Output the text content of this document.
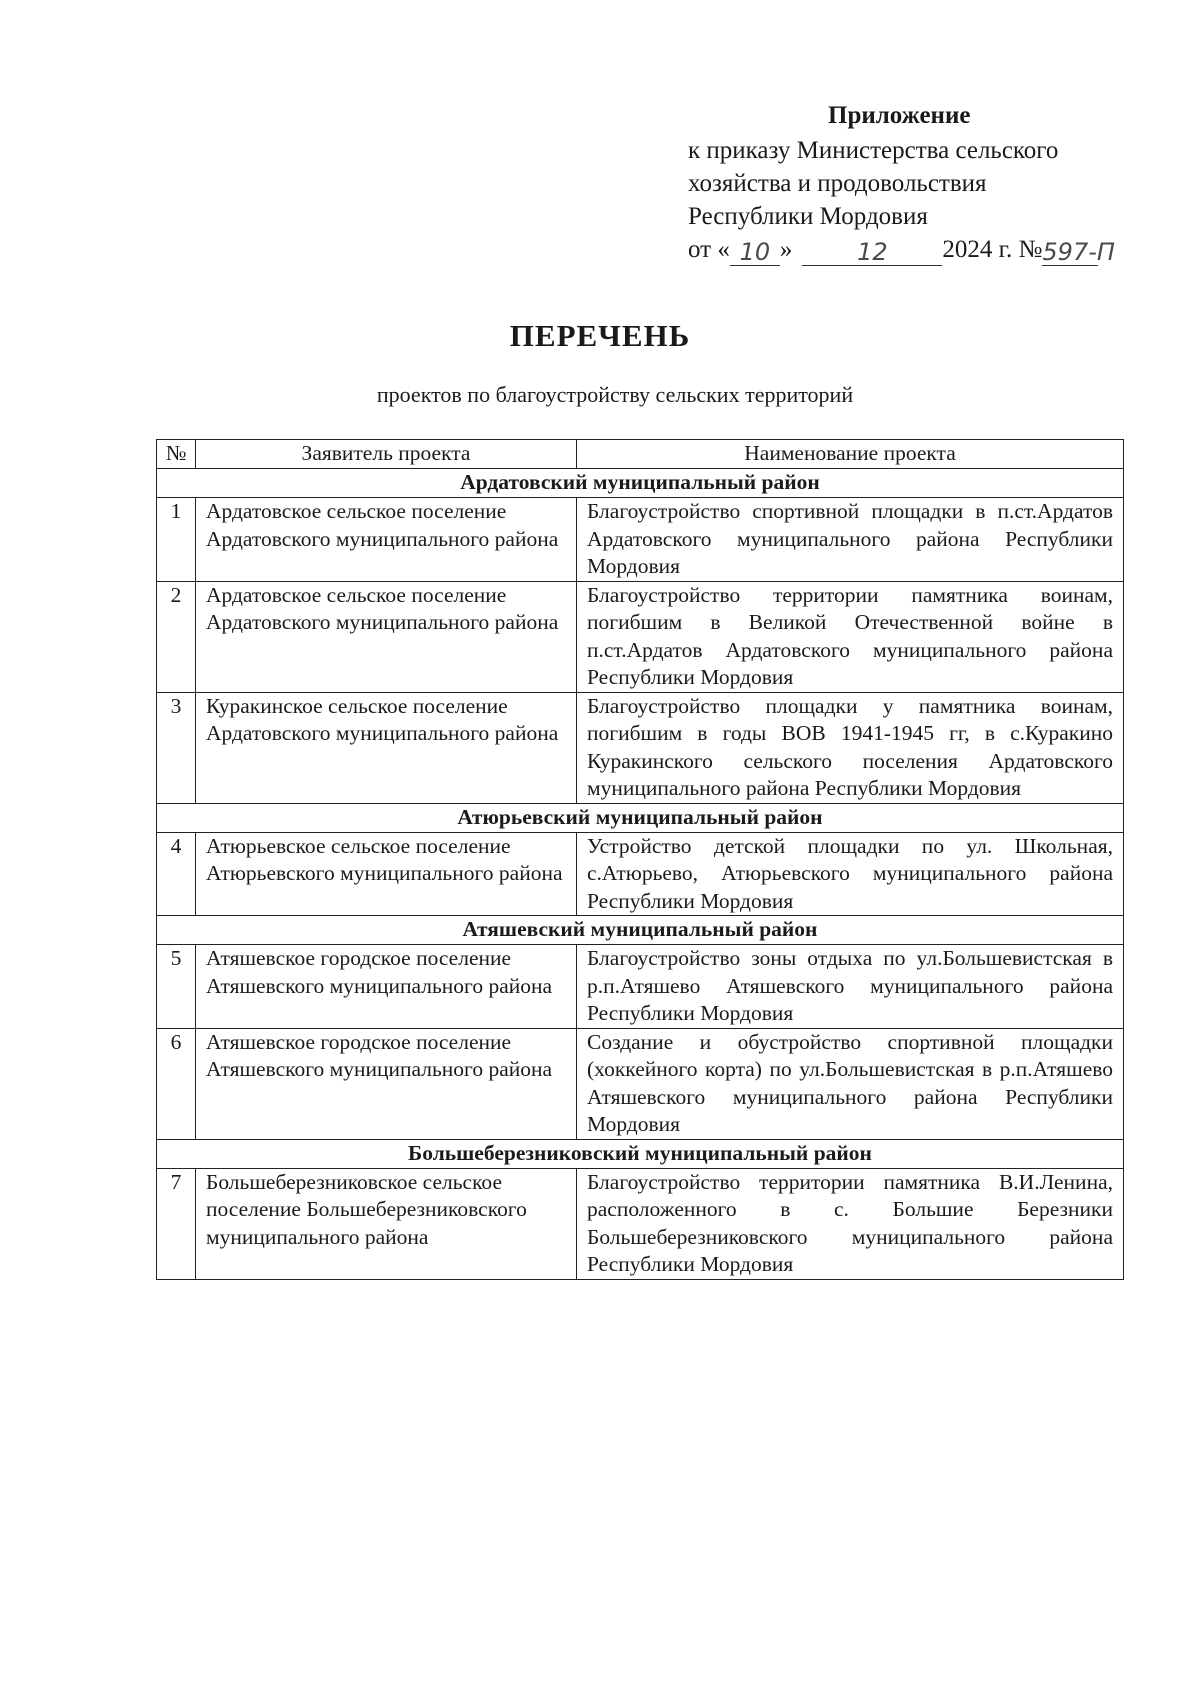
Приложение
к приказу Министерства сельского
хозяйства и продовольствия
Республики Мордовия
от « 10 »	12	2024 г. № 597-П
ПЕРЕЧЕНЬ
проектов по благоустройству сельских территорий
№	Заявитель проекта	Наименование проекта
Ардатовский муниципальный район		
1	Ардатовское сельское поселение Ардатовского муниципального района	Благоустройство спортивной площадки в п.ст.Ардатов Ардатовского муниципального района Республики Мордовия
2	Ардатовское сельское поселение Ардатовского муниципального района	Благоустройство территории памятника воинам, погибшим в Великой Отечественной войне в п.ст.Ардатов Ардатовского муниципального района Республики Мордовия
3	Куракинское сельское поселение Ардатовского муниципального района	Благоустройство площадки у памятника воинам, погибшим в годы ВОВ 1941-1945 гг, в с.Куракино Куракинского сельского поселения Ардатовского муниципального района Республики Мордовия
Атюрьевский муниципальный район		
4	Атюрьевское сельское поселение Атюрьевского муниципального района	Устройство детской площадки по ул. Школьная, с.Атюрьево, Атюрьевского муниципального района Республики Мордовия
Атяшевский муниципальный район		
5	Атяшевское городское поселение Атяшевского муниципального района	Благоустройство зоны отдыха по ул.Большевистская в р.п.Атяшево Атяшевского муниципального района Республики Мордовия
6	Атяшевское городское поселение Атяшевского муниципального района	Создание и обустройство спортивной площадки (хоккейного корта) по ул.Большевистская в р.п.Атяшево Атяшевского муниципального района Республики Мордовия
Большеберезниковский муниципальный район		
7	Большеберезниковское сельское поселение Большеберезниковского муниципального района	Благоустройство территории памятника В.И.Ленина, расположенного в с. Большие Березники Большеберезниковского муниципального района Республики Мордовия
